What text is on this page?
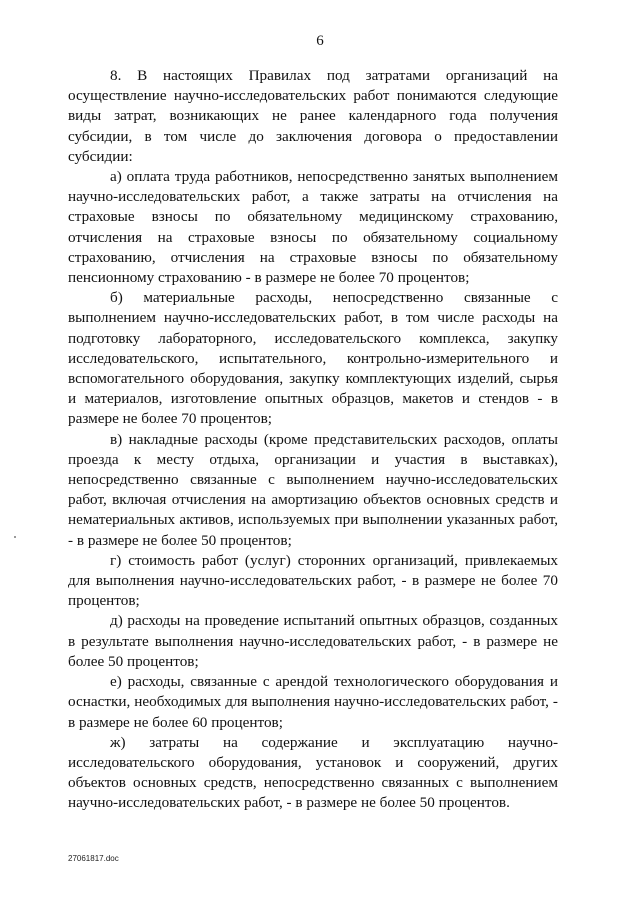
6

8. В настоящих Правилах под затратами организаций на осуществление научно-исследовательских работ понимаются следующие виды затрат, возникающих не ранее календарного года получения субсидии, в том числе до заключения договора о предоставлении субсидии:

а) оплата труда работников, непосредственно занятых выполнением научно-исследовательских работ, а также затраты на отчисления на страховые взносы по обязательному медицинскому страхованию, отчисления на страховые взносы по обязательному социальному страхованию, отчисления на страховые взносы по обязательному пенсионному страхованию - в размере не более 70 процентов;

б) материальные расходы, непосредственно связанные с выполнением научно-исследовательских работ, в том числе расходы на подготовку лабораторного, исследовательского комплекса, закупку исследовательского, испытательного, контрольно-измерительного и вспомогательного оборудования, закупку комплектующих изделий, сырья и материалов, изготовление опытных образцов, макетов и стендов - в размере не более 70 процентов;

в) накладные расходы (кроме представительских расходов, оплаты проезда к месту отдыха, организации и участия в выставках), непосредственно связанные с выполнением научно-исследовательских работ, включая отчисления на амортизацию объектов основных средств и нематериальных активов, используемых при выполнении указанных работ, - в размере не более 50 процентов;

г) стоимость работ (услуг) сторонних организаций, привлекаемых для выполнения научно-исследовательских работ, - в размере не более 70 процентов;

д) расходы на проведение испытаний опытных образцов, созданных в результате выполнения научно-исследовательских работ, - в размере не более 50 процентов;

е) расходы, связанные с арендой технологического оборудования и оснастки, необходимых для выполнения научно-исследовательских работ, - в размере не более 60 процентов;

ж) затраты на содержание и эксплуатацию научно-исследовательского оборудования, установок и сооружений, других объектов основных средств, непосредственно связанных с выполнением научно-исследовательских работ, - в размере не более 50 процентов.

27061817.doc
